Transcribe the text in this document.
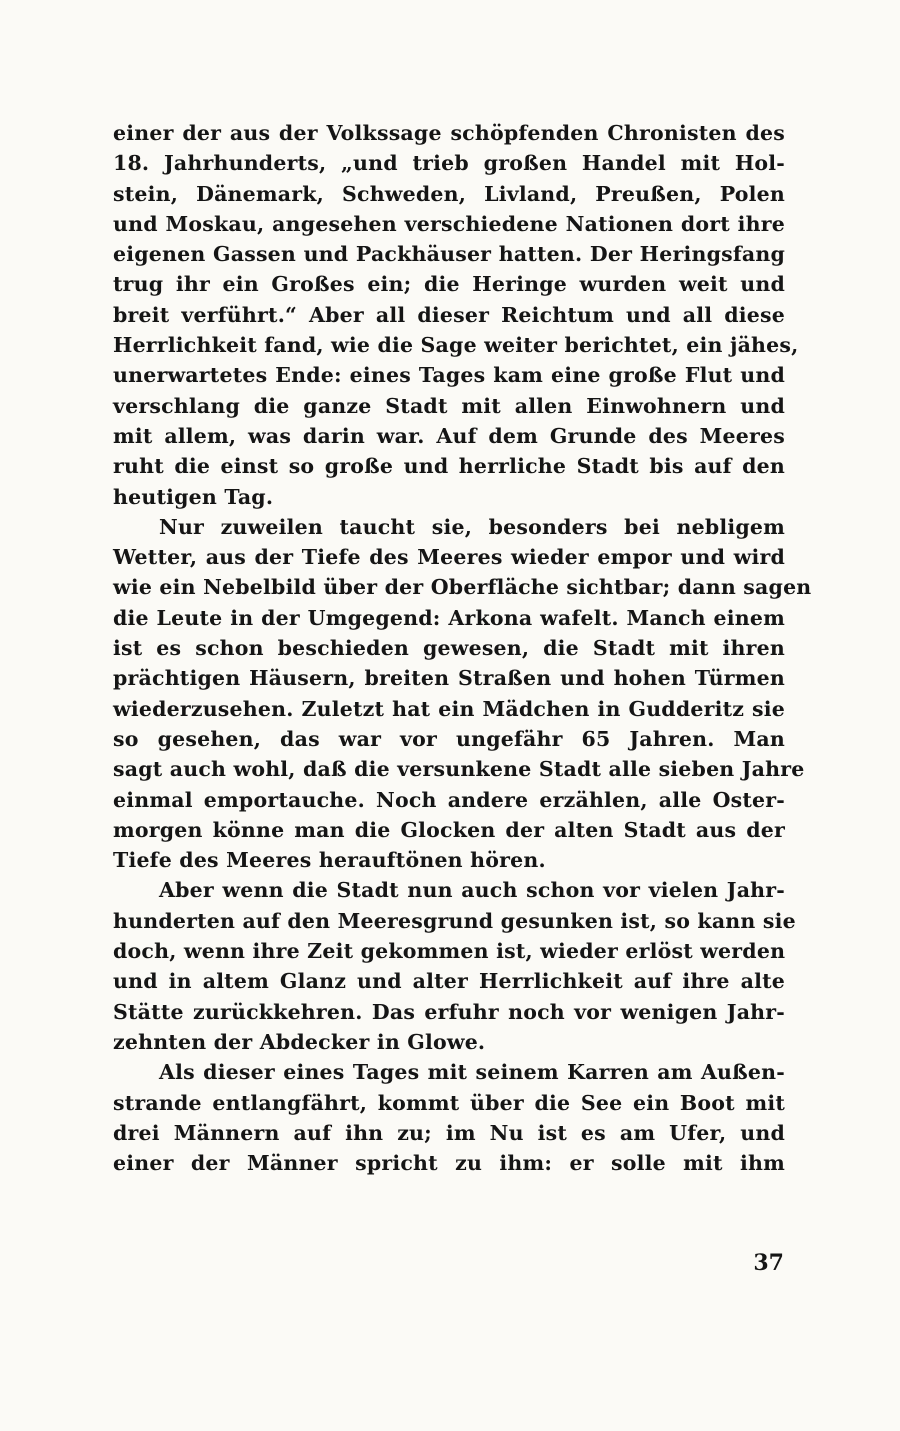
einer der aus der Volkssage schöpfenden Chronisten des
18. Jahrhunderts, „und trieb großen Handel mit Hol-
stein, Dänemark, Schweden, Livland, Preußen, Polen
und Moskau, angesehen verschiedene Nationen dort ihre
eigenen Gassen und Packhäuser hatten. Der Heringsfang
trug ihr ein Großes ein; die Heringe wurden weit und
breit verführt.“ Aber all dieser Reichtum und all diese
Herrlichkeit fand, wie die Sage weiter berichtet, ein jähes,
unerwartetes Ende: eines Tages kam eine große Flut und
verschlang die ganze Stadt mit allen Einwohnern und
mit allem, was darin war. Auf dem Grunde des Meeres
ruht die einst so große und herrliche Stadt bis auf den
heutigen Tag.
Nur zuweilen taucht sie, besonders bei nebligem
Wetter, aus der Tiefe des Meeres wieder empor und wird
wie ein Nebelbild über der Oberfläche sichtbar; dann sagen
die Leute in der Umgegend: Arkona wafelt. Manch einem
ist es schon beschieden gewesen, die Stadt mit ihren
prächtigen Häusern, breiten Straßen und hohen Türmen
wiederzusehen. Zuletzt hat ein Mädchen in Gudderitz sie
so gesehen, das war vor ungefähr 65 Jahren. Man
sagt auch wohl, daß die versunkene Stadt alle sieben Jahre
einmal emportauche. Noch andere erzählen, alle Oster-
morgen könne man die Glocken der alten Stadt aus der
Tiefe des Meeres herauftönen hören.
Aber wenn die Stadt nun auch schon vor vielen Jahr-
hunderten auf den Meeresgrund gesunken ist, so kann sie
doch, wenn ihre Zeit gekommen ist, wieder erlöst werden
und in altem Glanz und alter Herrlichkeit auf ihre alte
Stätte zurückkehren. Das erfuhr noch vor wenigen Jahr-
zehnten der Abdecker in Glowe.
Als dieser eines Tages mit seinem Karren am Außen-
strande entlangfährt, kommt über die See ein Boot mit
drei Männern auf ihn zu; im Nu ist es am Ufer, und
einer der Männer spricht zu ihm: er solle mit ihm
37
